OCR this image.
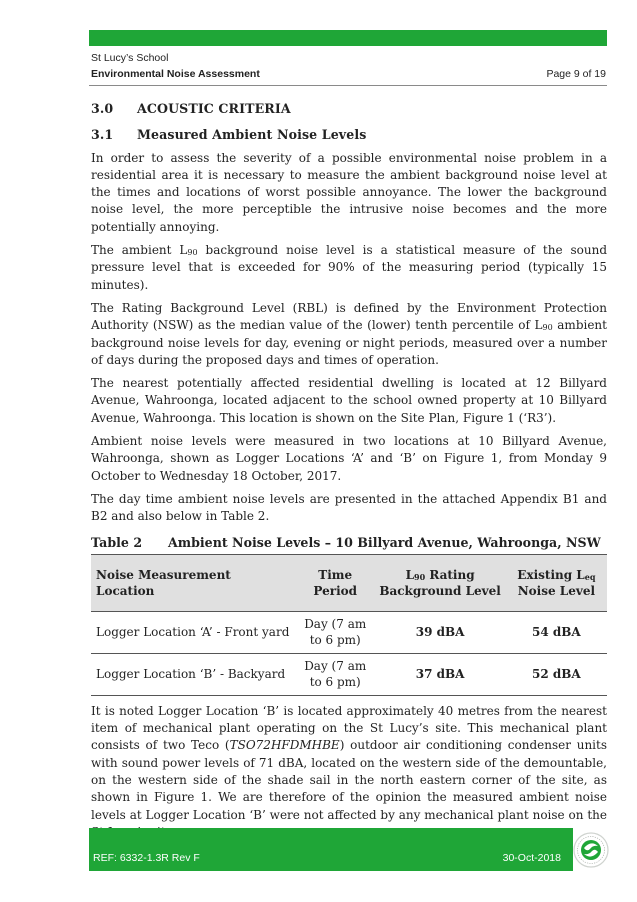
St Lucy’s School
Environmental Noise Assessment	Page 9 of 19
3.0 ACOUSTIC CRITERIA
3.1 Measured Ambient Noise Levels

In order to assess the severity of a possible environmental noise problem in a residential area it is necessary to measure the ambient background noise level at the times and locations of worst possible annoyance. The lower the background noise level, the more perceptible the intrusive noise becomes and the more potentially annoying.

The ambient $L_{90}$ background noise level is a statistical measure of the sound pressure level that is exceeded for 90% of the measuring period (typically 15 minutes).

The Rating Background Level (RBL) is defined by the Environment Protection Authority (NSW) as the median value of the (lower) tenth percentile of $L_{90}$ ambient background noise levels for day, evening or night periods, measured over a number of days during the proposed days and times of operation.

The nearest potentially affected residential dwelling is located at 12 Billyard Avenue, Wahroonga, located adjacent to the school owned property at 10 Billyard Avenue, Wahroonga. This location is shown on the Site Plan, Figure 1 (‘R3’).

Ambient noise levels were measured in two locations at 10 Billyard Avenue, Wahroonga, shown as Logger Locations ‘A’ and ‘B’ on Figure 1, from Monday 9 October to Wednesday 18 October, 2017.

The day time ambient noise levels are presented in the attached Appendix B1 and B2 and also below in Table 2.

Table 2 Ambient Noise Levels – 10 Billyard Avenue, Wahroonga, NSW
Noise Measurement Location	Time Period	$L_{90}$ Rating Background Level	Existing $L_{eq}$ Noise Level
Logger Location ‘A’ - Front yard	Day (7 am to 6 pm)	39 dBA	54 dBA
Logger Location ‘B’ - Backyard	Day (7 am to 6 pm)	37 dBA	52 dBA

It is noted Logger Location ‘B’ is located approximately 40 metres from the nearest item of mechanical plant operating on the St Lucy’s site. This mechanical plant consists of two Teco (TSO72HFDMHBE) outdoor air conditioning condenser units with sound power levels of 71 dBA, located on the western side of the demountable, on the western side of the shade sail in the north eastern corner of the site, as shown in Figure 1. We are therefore of the opinion the measured ambient noise levels at Logger Location ‘B’ were not affected by any mechanical plant noise on the

REF: 6332-1.3R Rev F	30-Oct-2018
